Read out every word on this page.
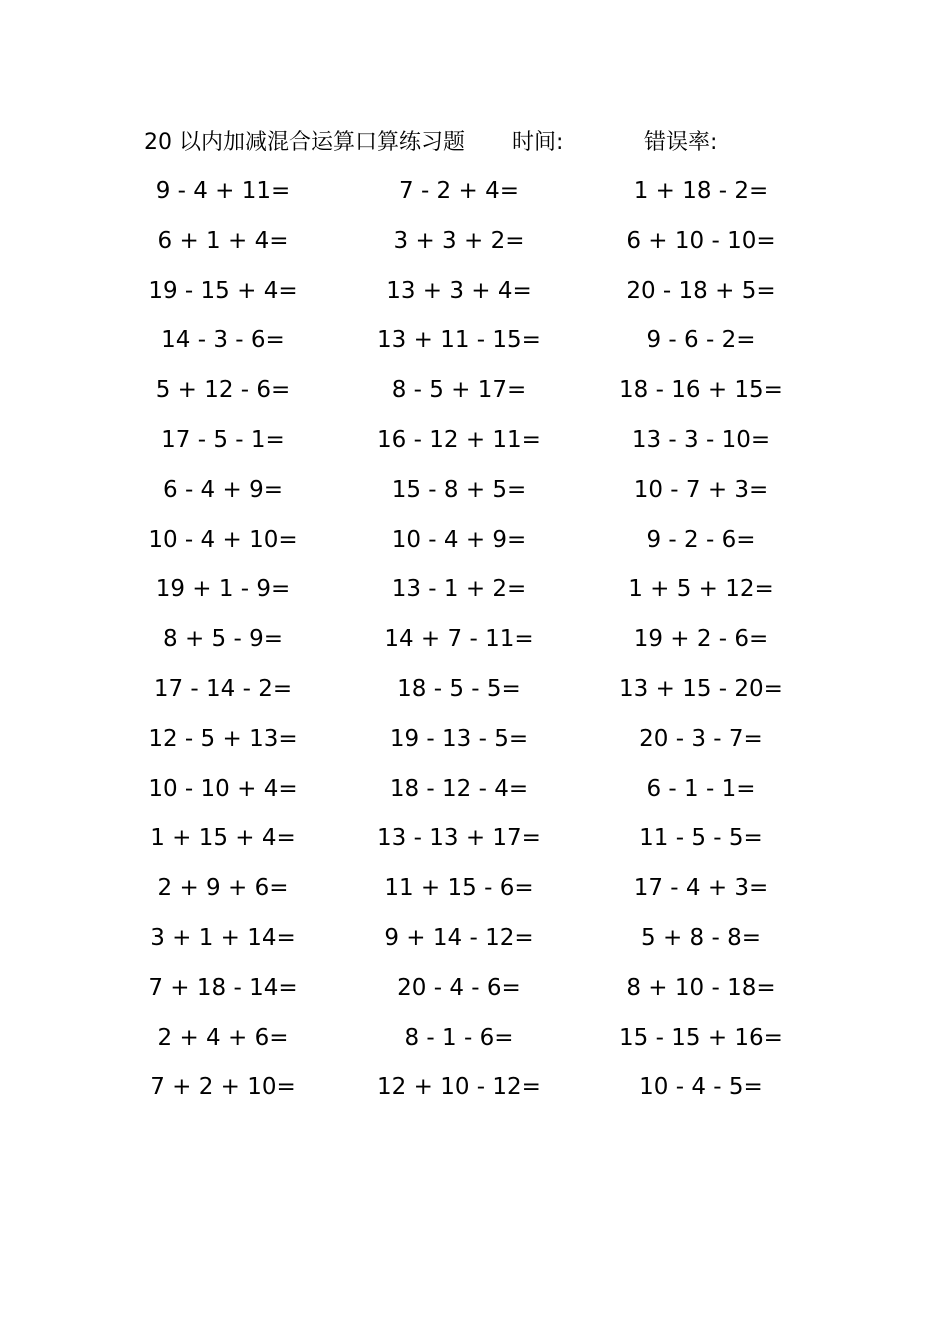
20 以内加减混合运算口算练习题 时间:	错误率:
9 - 4 + 11=	7 - 2 + 4=	1 + 18 - 2=
6 + 1 + 4=	3 + 3 + 2=	6 + 10 - 10=
19 - 15 + 4=	13 + 3 + 4=	20 - 18 + 5=
14 - 3 - 6=	13 + 11 - 15=	9 - 6 - 2=
5 + 12 - 6=	8 - 5 + 17=	18 - 16 + 15=
17 - 5 - 1=	16 - 12 + 11=	13 - 3 - 10=
6 - 4 + 9=	15 - 8 + 5=	10 - 7 + 3=
10 - 4 + 10=	10 - 4 + 9=	9 - 2 - 6=
19 + 1 - 9=	13 - 1 + 2=	1 + 5 + 12=
8 + 5 - 9=	14 + 7 - 11=	19 + 2 - 6=
17 - 14 - 2=	18 - 5 - 5=	13 + 15 - 20=
12 - 5 + 13=	19 - 13 - 5=	20 - 3 - 7=
10 - 10 + 4=	18 - 12 - 4=	6 - 1 - 1=
1 + 15 + 4=	13 - 13 + 17=	11 - 5 - 5=
2 + 9 + 6=	11 + 15 - 6=	17 - 4 + 3=
3 + 1 + 14=	9 + 14 - 12=	5 + 8 - 8=
7 + 18 - 14=	20 - 4 - 6=	8 + 10 - 18=
2 + 4 + 6=	8 - 1 - 6=	15 - 15 + 16=
7 + 2 + 10=	12 + 10 - 12=	10 - 4 - 5=
